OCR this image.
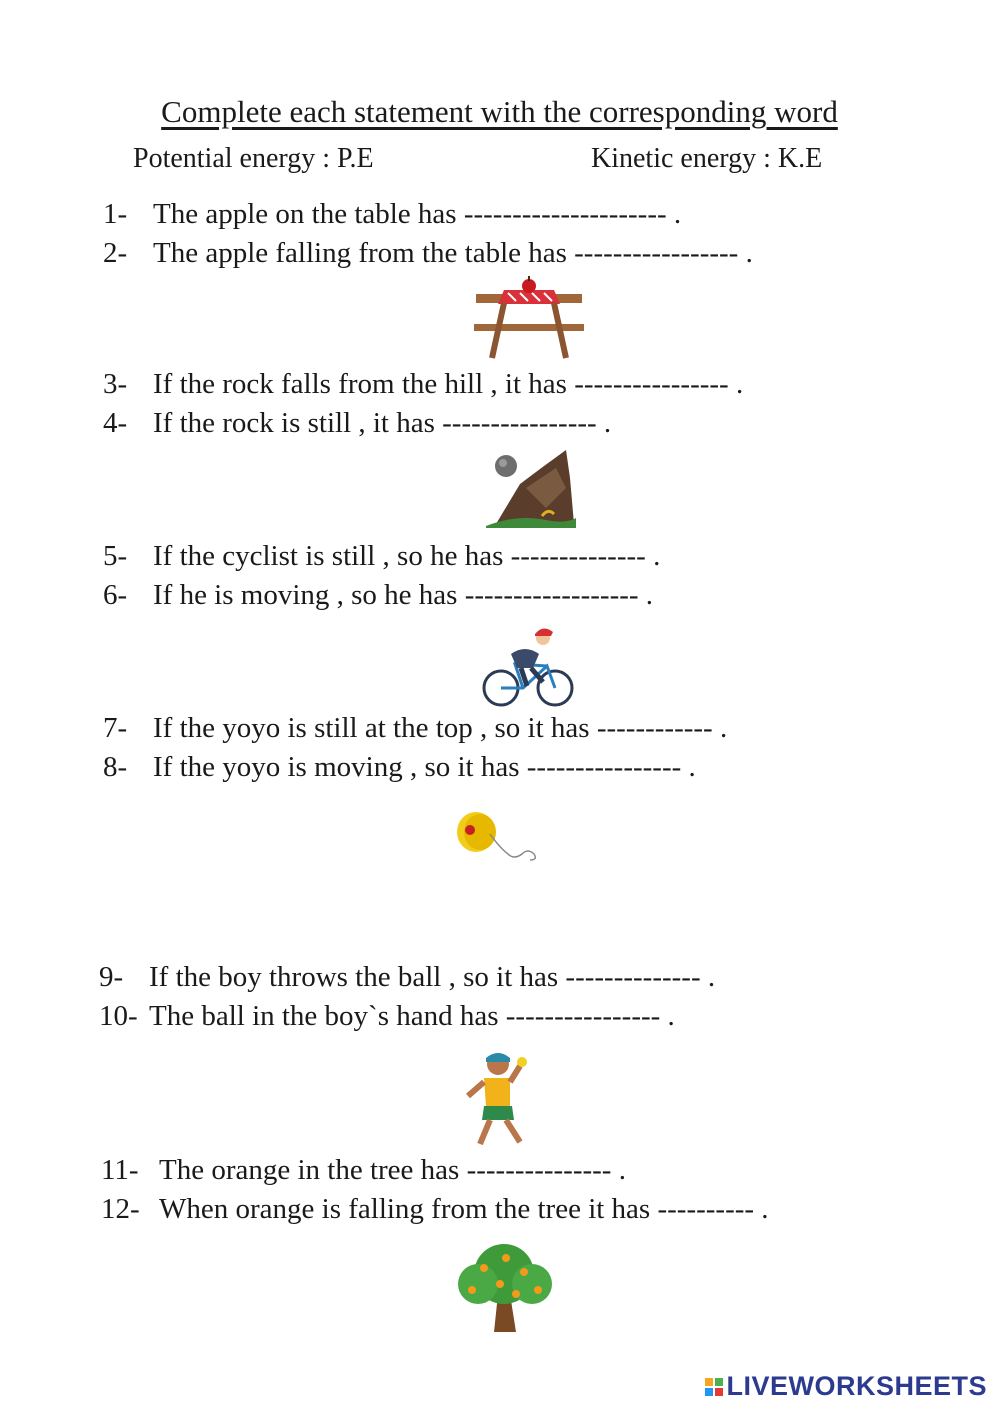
Complete each statement with the corresponding word
Potential energy : P.E	Kinetic energy : K.E
1- The apple on the table has --------------------- .
2- The apple falling from the table has ----------------- .
3- If the rock falls from the hill , it has ---------------- .
4- If the rock is still , it has ---------------- .
5- If the cyclist is still , so he has -------------- .
6- If he is moving , so he has ------------------ .
7- If the yoyo is still at the top , so it has ------------ .
8- If the yoyo is moving , so it has ---------------- .
9- If the boy throws the ball , so it has -------------- .
10- The ball in the boy`s hand has ---------------- .
11- The orange in the tree has --------------- .
12- When orange is falling from the tree it has ---------- .
LIVEWORKSHEETS
